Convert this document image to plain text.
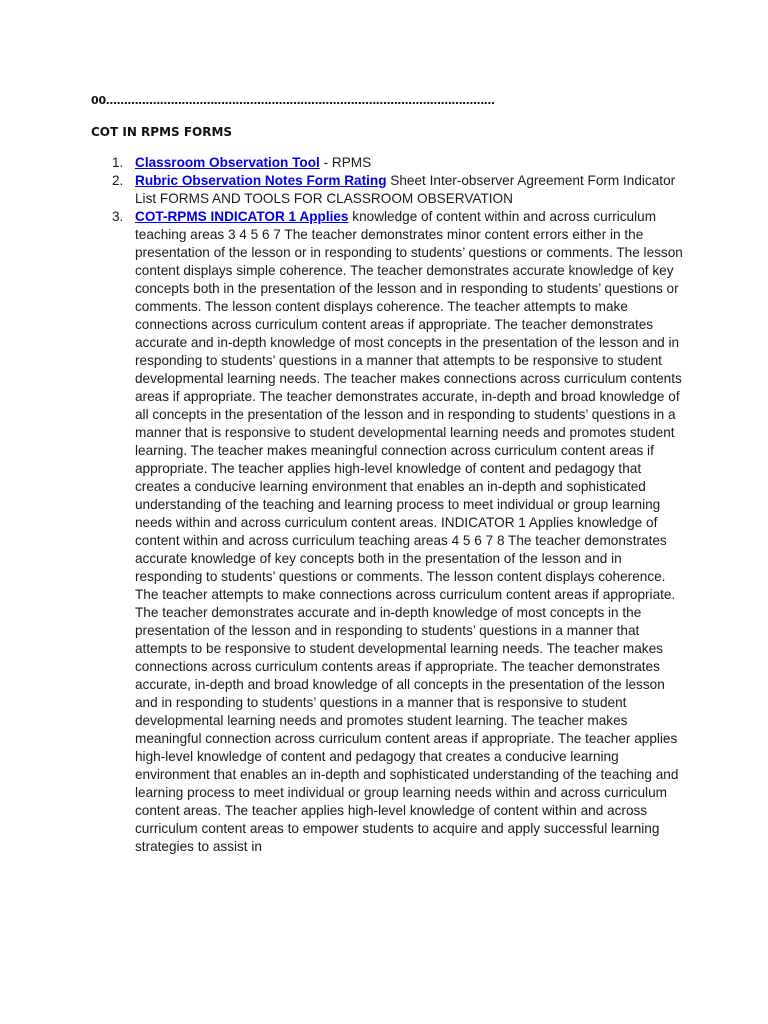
00………………………………………………………………………………………………
COT IN RPMS FORMS
1. Classroom Observation Tool - RPMS
2. Rubric Observation Notes Form Rating Sheet Inter-observer Agreement Form Indicator List FORMS AND TOOLS FOR CLASSROOM OBSERVATION
3. COT-RPMS INDICATOR 1 Applies knowledge of content within and across curriculum teaching areas 3 4 5 6 7 The teacher demonstrates minor content errors either in the presentation of the lesson or in responding to students’ questions or comments. The lesson content displays simple coherence. The teacher demonstrates accurate knowledge of key concepts both in the presentation of the lesson and in responding to students’ questions or comments. The lesson content displays coherence. The teacher attempts to make connections across curriculum content areas if appropriate. The teacher demonstrates accurate and in-depth knowledge of most concepts in the presentation of the lesson and in responding to students’ questions in a manner that attempts to be responsive to student developmental learning needs. The teacher makes connections across curriculum contents areas if appropriate. The teacher demonstrates accurate, in-depth and broad knowledge of all concepts in the presentation of the lesson and in responding to students’ questions in a manner that is responsive to student developmental learning needs and promotes student learning. The teacher makes meaningful connection across curriculum content areas if appropriate. The teacher applies high-level knowledge of content and pedagogy that creates a conducive learning environment that enables an in-depth and sophisticated understanding of the teaching and learning process to meet individual or group learning needs within and across curriculum content areas. INDICATOR 1 Applies knowledge of content within and across curriculum teaching areas 4 5 6 7 8 The teacher demonstrates accurate knowledge of key concepts both in the presentation of the lesson and in responding to students’ questions or comments. The lesson content displays coherence. The teacher attempts to make connections across curriculum content areas if appropriate. The teacher demonstrates accurate and in-depth knowledge of most concepts in the presentation of the lesson and in responding to students’ questions in a manner that attempts to be responsive to student developmental learning needs. The teacher makes connections across curriculum contents areas if appropriate. The teacher demonstrates accurate, in-depth and broad knowledge of all concepts in the presentation of the lesson and in responding to students’ questions in a manner that is responsive to student developmental learning needs and promotes student learning. The teacher makes meaningful connection across curriculum content areas if appropriate. The teacher applies high-level knowledge of content and pedagogy that creates a conducive learning environment that enables an in-depth and sophisticated understanding of the teaching and learning process to meet individual or group learning needs within and across curriculum content areas. The teacher applies high-level knowledge of content within and across curriculum content areas to empower students to acquire and apply successful learning strategies to assist in
